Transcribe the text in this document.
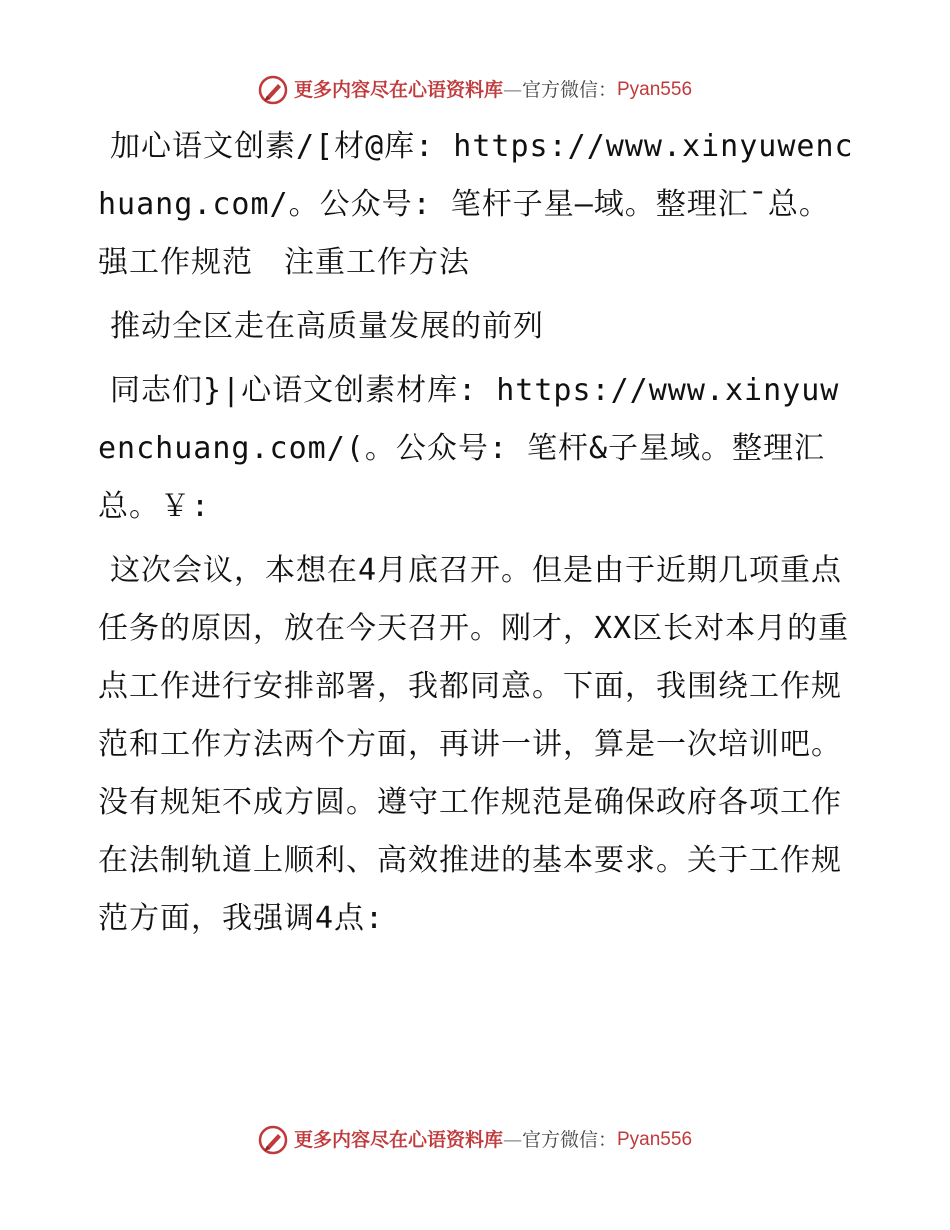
更多内容尽在心语资料库 — 官方微信： Pyan556

加心语文创素/[材@库: https://www.xinyuwenchuang.com/。公众号: 笔杆子星—域。整理汇¯总。强工作规范　注重工作方法

推动全区走在高质量发展的前列

同志们}|心语文创素材库: https://www.xinyuwenchuang.com/(。公众号: 笔杆&子星域。整理汇总。￥:

这次会议，本想在4月底召开。但是由于近期几项重点任务的原因，放在今天召开。刚才，XX区长对本月的重点工作进行安排部署，我都同意。下面，我围绕工作规范和工作方法两个方面，再讲一讲，算是一次培训吧。没有规矩不成方圆。遵守工作规范是确保政府各项工作在法制轨道上顺利、高效推进的基本要求。关于工作规范方面，我强调4点:

更多内容尽在心语资料库 — 官方微信： Pyan556
